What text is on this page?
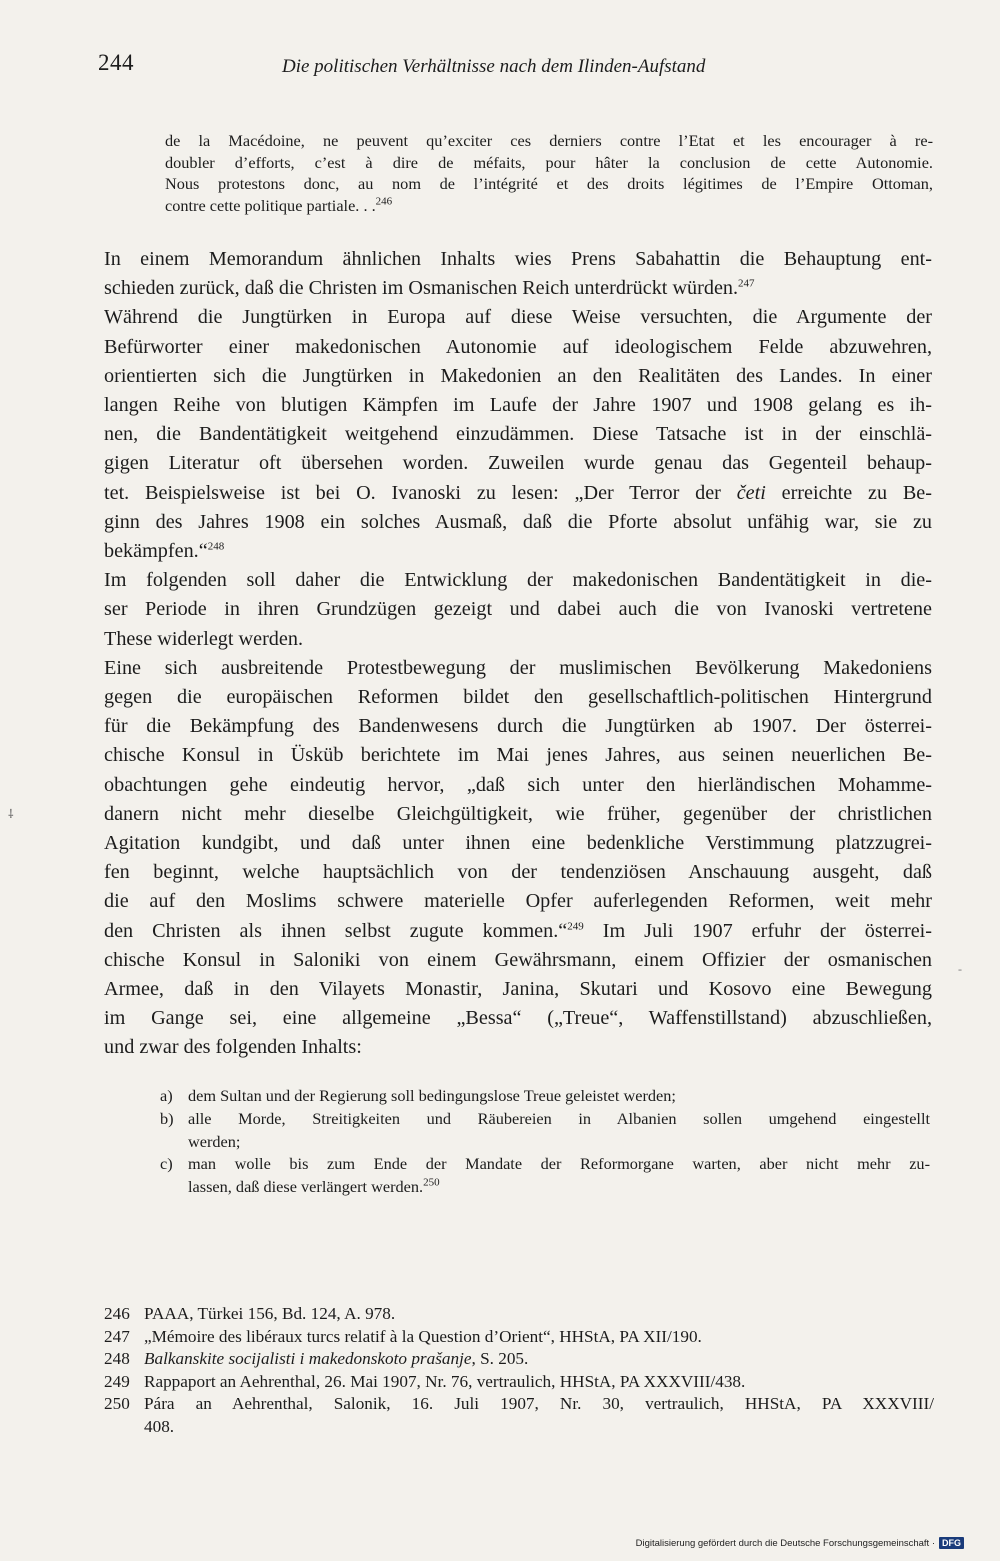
244	Die politischen Verhältnisse nach dem Ilinden-Aufstand
de la Macédoine, ne peuvent qu’exciter ces derniers contre l’Etat et les encourager à re-
doubler d’efforts, c’est à dire de méfaits, pour hâter la conclusion de cette Autonomie.
Nous protestons donc, au nom de l’intégrité et des droits légitimes de l’Empire Ottoman,
contre cette politique partiale. . .$^{246}$
In einem Memorandum ähnlichen Inhalts wies Prens Sabahattin die Behauptung ent-
schieden zurück, daß die Christen im Osmanischen Reich unterdrückt würden.$^{247}$
Während die Jungtürken in Europa auf diese Weise versuchten, die Argumente der
Befürworter einer makedonischen Autonomie auf ideologischem Felde abzuwehren,
orientierten sich die Jungtürken in Makedonien an den Realitäten des Landes. In einer
langen Reihe von blutigen Kämpfen im Laufe der Jahre 1907 und 1908 gelang es ih-
nen, die Bandentätigkeit weitgehend einzudämmen. Diese Tatsache ist in der einschlä-
gigen Literatur oft übersehen worden. Zuweilen wurde genau das Gegenteil behaup-
tet. Beispielsweise ist bei O. Ivanoski zu lesen: „Der Terror der četi erreichte zu Be-
ginn des Jahres 1908 ein solches Ausmaß, daß die Pforte absolut unfähig war, sie zu
bekämpfen.“$^{248}$
Im folgenden soll daher die Entwicklung der makedonischen Bandentätigkeit in die-
ser Periode in ihren Grundzügen gezeigt und dabei auch die von Ivanoski vertretene
These widerlegt werden.
Eine sich ausbreitende Protestbewegung der muslimischen Bevölkerung Makedoniens
gegen die europäischen Reformen bildet den gesellschaftlich-politischen Hintergrund
für die Bekämpfung des Bandenwesens durch die Jungtürken ab 1907. Der österrei-
chische Konsul in Üsküb berichtete im Mai jenes Jahres, aus seinen neuerlichen Be-
obachtungen gehe eindeutig hervor, „daß sich unter den hierländischen Mohamme-
danern nicht mehr dieselbe Gleichgültigkeit, wie früher, gegenüber der christlichen
Agitation kundgibt, und daß unter ihnen eine bedenkliche Verstimmung platzzugrei-
fen beginnt, welche hauptsächlich von der tendenziösen Anschauung ausgeht, daß
die auf den Moslims schwere materielle Opfer auferlegenden Reformen, weit mehr
den Christen als ihnen selbst zugute kommen.“$^{249}$ Im Juli 1907 erfuhr der österrei-
chische Konsul in Saloniki von einem Gewährsmann, einem Offizier der osmanischen
Armee, daß in den Vilayets Monastir, Janina, Skutari und Kosovo eine Bewegung
im Gange sei, eine allgemeine „Bessa“ („Treue“, Waffenstillstand) abzuschließen,
und zwar des folgenden Inhalts:
a) dem Sultan und der Regierung soll bedingungslose Treue geleistet werden;
b) alle Morde, Streitigkeiten und Räubereien in Albanien sollen umgehend eingestellt
werden;
c) man wolle bis zum Ende der Mandate der Reformorgane warten, aber nicht mehr zu-
lassen, daß diese verlängert werden.$^{250}$
246 PAAA, Türkei 156, Bd. 124, A. 978.
247 „Mémoire des libéraux turcs relatif à la Question d’Orient“, HHStA, PA XII/190.
248 Balkanskite socijalisti i makedonskoto prašanje, S. 205.
249 Rappaport an Aehrenthal, 26. Mai 1907, Nr. 76, vertraulich, HHStA, PA XXXVIII/438.
250 Pára an Aehrenthal, Salonik, 16. Juli 1907, Nr. 30, vertraulich, HHStA, PA XXXVIII/
408.
⸸
-
Digitalisierung gefördert durch die Deutsche Forschungsgemeinschaft · DFG
